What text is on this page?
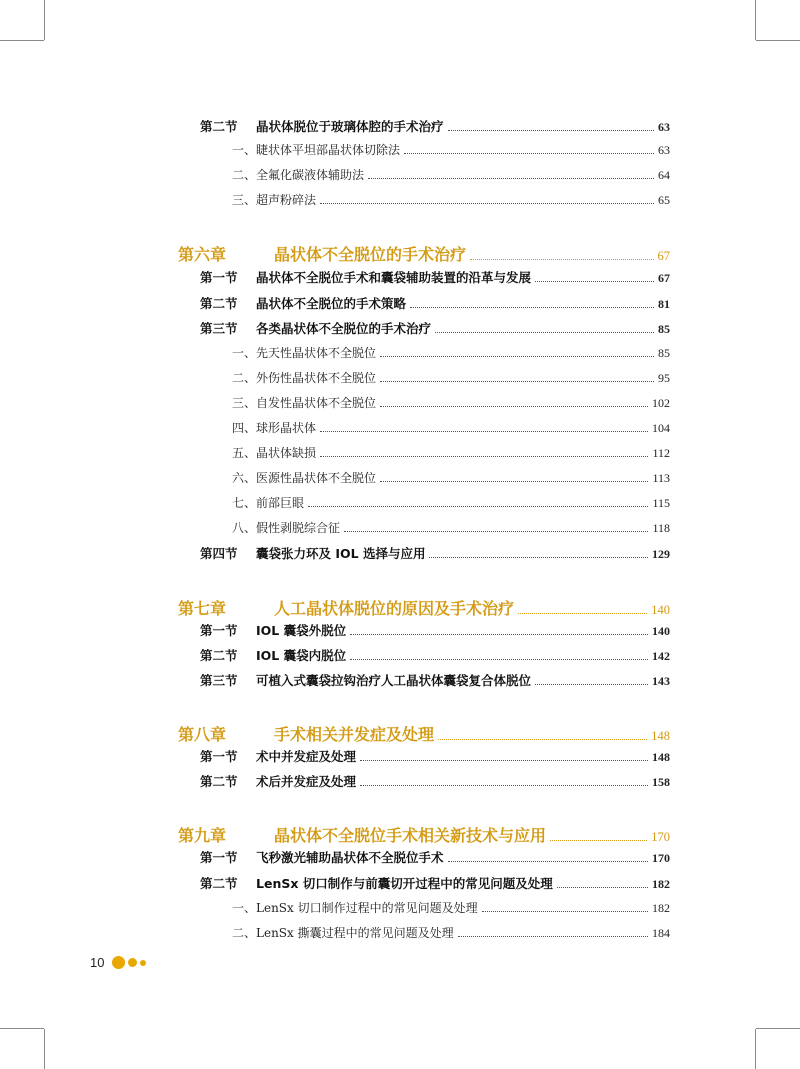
第二节	晶状体脱位于玻璃体腔的手术治疗	63
一、睫状体平坦部晶状体切除法	63
二、全氟化碳液体辅助法	64
三、超声粉碎法	65
第六章	晶状体不全脱位的手术治疗	67
第一节	晶状体不全脱位手术和囊袋辅助装置的沿革与发展	67
第二节	晶状体不全脱位的手术策略	81
第三节	各类晶状体不全脱位的手术治疗	85
一、先天性晶状体不全脱位	85
二、外伤性晶状体不全脱位	95
三、自发性晶状体不全脱位	102
四、球形晶状体	104
五、晶状体缺损	112
六、医源性晶状体不全脱位	113
七、前部巨眼	115
八、假性剥脱综合征	118
第四节	囊袋张力环及 IOL 选择与应用	129
第七章	人工晶状体脱位的原因及手术治疗	140
第一节	IOL 囊袋外脱位	140
第二节	IOL 囊袋内脱位	142
第三节	可植入式囊袋拉钩治疗人工晶状体囊袋复合体脱位	143
第八章	手术相关并发症及处理	148
第一节	术中并发症及处理	148
第二节	术后并发症及处理	158
第九章	晶状体不全脱位手术相关新技术与应用	170
第一节	飞秒激光辅助晶状体不全脱位手术	170
第二节	LenSx 切口制作与前囊切开过程中的常见问题及处理	182
一、LenSx 切口制作过程中的常见问题及处理	182
二、LenSx 撕囊过程中的常见问题及处理	184
10
